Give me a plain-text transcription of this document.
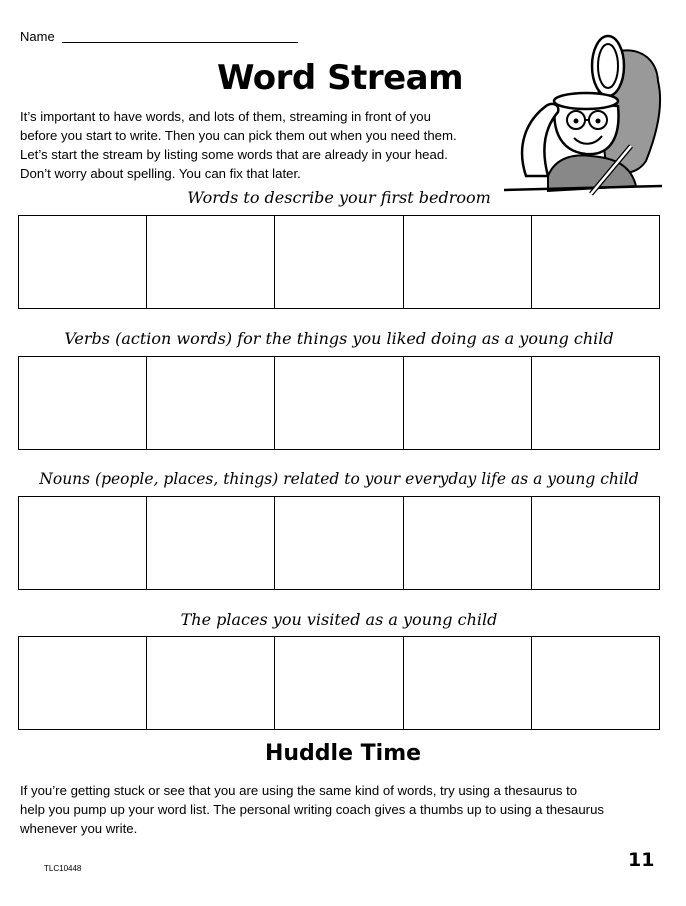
Name
Word Stream
It’s important to have words, and lots of them, streaming in front of you
before you start to write. Then you can pick them out when you need them.
Let’s start the stream by listing some words that are already in your head.
Don’t worry about spelling. You can fix that later.
Words to describe your first bedroom
Verbs (action words) for the things you liked doing as a young child
Nouns (people, places, things) related to your everyday life as a young child
The places you visited as a young child
Huddle Time
If you’re getting stuck or see that you are using the same kind of words, try using a thesaurus to
help you pump up your word list. The personal writing coach gives a thumbs up to using a thesaurus
whenever you write.
TLC10448	11
